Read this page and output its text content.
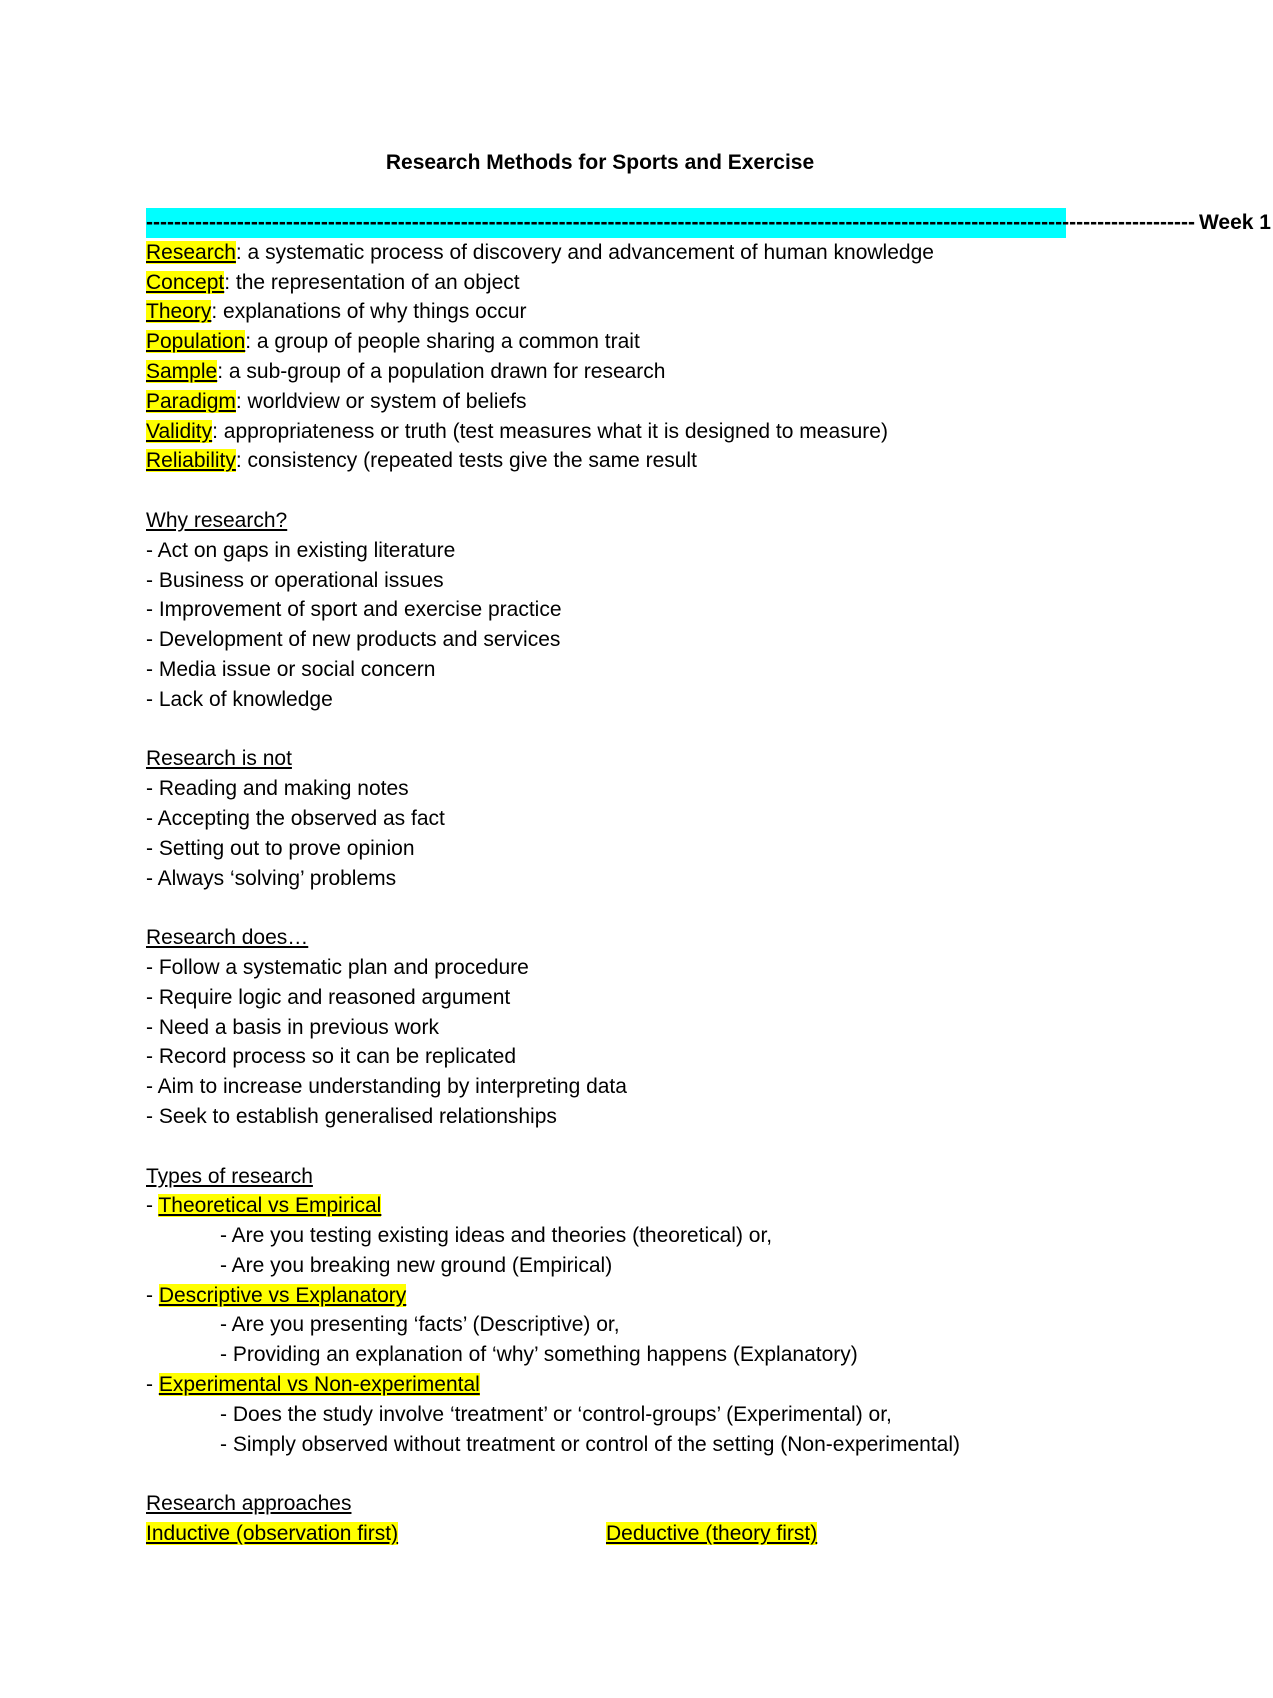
Research Methods for Sports and Exercise
------------------------------------------------------------------------------------------------------------------------------------------------------ Week 1
Research: a systematic process of discovery and advancement of human knowledge
Concept: the representation of an object
Theory: explanations of why things occur
Population: a group of people sharing a common trait
Sample: a sub-group of a population drawn for research
Paradigm: worldview or system of beliefs
Validity: appropriateness or truth (test measures what it is designed to measure)
Reliability: consistency (repeated tests give the same result
Why research?
- Act on gaps in existing literature
- Business or operational issues
- Improvement of sport and exercise practice
- Development of new products and services
- Media issue or social concern
- Lack of knowledge
Research is not
- Reading and making notes
- Accepting the observed as fact
- Setting out to prove opinion
- Always ‘solving’ problems
Research does…
- Follow a systematic plan and procedure
- Require logic and reasoned argument
- Need a basis in previous work
- Record process so it can be replicated
- Aim to increase understanding by interpreting data
- Seek to establish generalised relationships
Types of research
- Theoretical vs Empirical
- Are you testing existing ideas and theories (theoretical) or,
- Are you breaking new ground (Empirical)
- Descriptive vs Explanatory
- Are you presenting ‘facts’ (Descriptive) or,
- Providing an explanation of ‘why’ something happens (Explanatory)
- Experimental vs Non-experimental
- Does the study involve ‘treatment’ or ‘control-groups’ (Experimental) or,
- Simply observed without treatment or control of the setting (Non-experimental)
Research approaches
Inductive (observation first)	Deductive (theory first)
